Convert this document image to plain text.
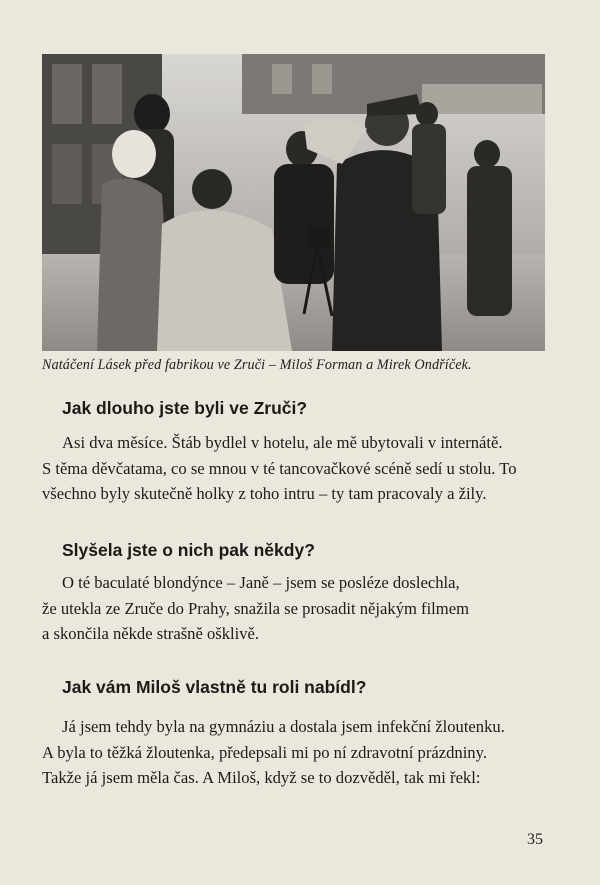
Natáčení Lásek před fabrikou ve Zruči – Miloš Forman a Mirek Ondříček.
Jak dlouho jste byli ve Zruči?
Asi dva měsíce. Štáb bydlel v hotelu, ale mě ubytovali v internátě.
S těma děvčatama, co se mnou v té tancovačkové scéně sedí u stolu. To
všechno byly skutečně holky z toho intru – ty tam pracovaly a žily.
Slyšela jste o nich pak někdy?
O té baculaté blondýnce – Janě – jsem se posléze doslechla,
že utekla ze Zruče do Prahy, snažila se prosadit nějakým filmem
a skončila někde strašně ošklivě.
Jak vám Miloš vlastně tu roli nabídl?
Já jsem tehdy byla na gymnáziu a dostala jsem infekční žloutenku.
A byla to těžká žloutenka, předepsali mi po ní zdravotní prázdniny.
Takže já jsem měla čas. A Miloš, když se to dozvěděl, tak mi řekl:
35
